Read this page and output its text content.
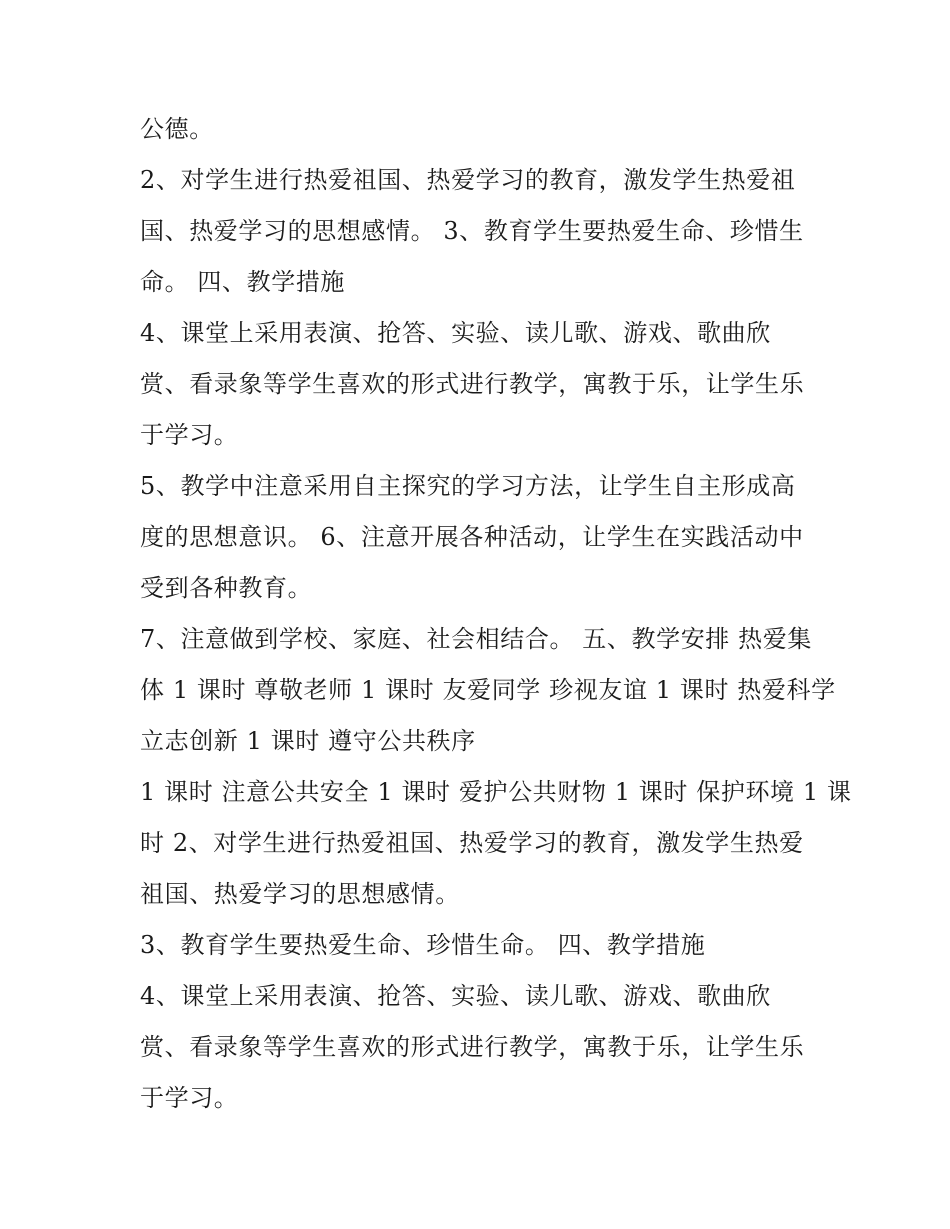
公德。
2、对学生进行热爱祖国、热爱学习的教育，激发学生热爱祖
国、热爱学习的思想感情。 3、教育学生要热爱生命、珍惜生
命。 四、教学措施
4、课堂上采用表演、抢答、实验、读儿歌、游戏、歌曲欣
赏、看录象等学生喜欢的形式进行教学，寓教于乐，让学生乐
于学习。
5、教学中注意采用自主探究的学习方法，让学生自主形成高
度的思想意识。 6、注意开展各种活动，让学生在实践活动中
受到各种教育。
7、注意做到学校、家庭、社会相结合。 五、教学安排 热爱集
体 1 课时 尊敬老师 1 课时 友爱同学 珍视友谊 1 课时 热爱科学
立志创新 1 课时 遵守公共秩序
1 课时 注意公共安全 1 课时 爱护公共财物 1 课时 保护环境 1 课
时 2、对学生进行热爱祖国、热爱学习的教育，激发学生热爱
祖国、热爱学习的思想感情。
3、教育学生要热爱生命、珍惜生命。 四、教学措施
4、课堂上采用表演、抢答、实验、读儿歌、游戏、歌曲欣
赏、看录象等学生喜欢的形式进行教学，寓教于乐，让学生乐
于学习。
